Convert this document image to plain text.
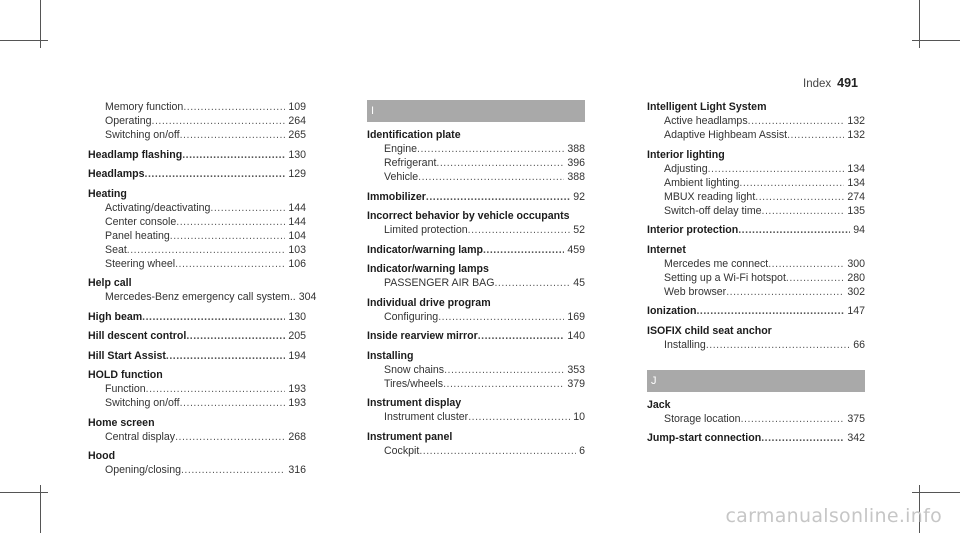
Index 491
Memory function .....	109
Operating .....	264
Switching on/off .....	265
Headlamp flashing .....	130
Headlamps .....	129
Heating
Activating/deactivating .....	144
Center console .....	144
Panel heating .....	104
Seat .....	103
Steering wheel .....	106
Help call
Mercedes-Benz emergency call system.. 304
High beam .....	130
Hill descent control .....	205
Hill Start Assist .....	194
HOLD function
Function .....	193
Switching on/off .....	193
Home screen
Central display .....	268
Hood
Opening/closing .....	316
I
Identification plate
Engine .....	388
Refrigerant .....	396
Vehicle .....	388
Immobilizer .....	92
Incorrect behavior by vehicle occupants
Limited protection .....	52
Indicator/warning lamp .....	459
Indicator/warning lamps
PASSENGER AIR BAG .....	45
Individual drive program
Configuring .....	169
Inside rearview mirror .....	140
Installing
Snow chains .....	353
Tires/wheels .....	379
Instrument display
Instrument cluster .....	10
Instrument panel
Cockpit .....	6
Intelligent Light System
Active headlamps .....	132
Adaptive Highbeam Assist .....	132
Interior lighting
Adjusting .....	134
Ambient lighting .....	134
MBUX reading light .....	274
Switch-off delay time .....	135
Interior protection .....	94
Internet
Mercedes me connect .....	300
Setting up a Wi-Fi hotspot .....	280
Web browser .....	302
Ionization .....	147
ISOFIX child seat anchor
Installing .....	66
J
Jack
Storage location .....	375
Jump-start connection .....	342
carmanualsonline.info
